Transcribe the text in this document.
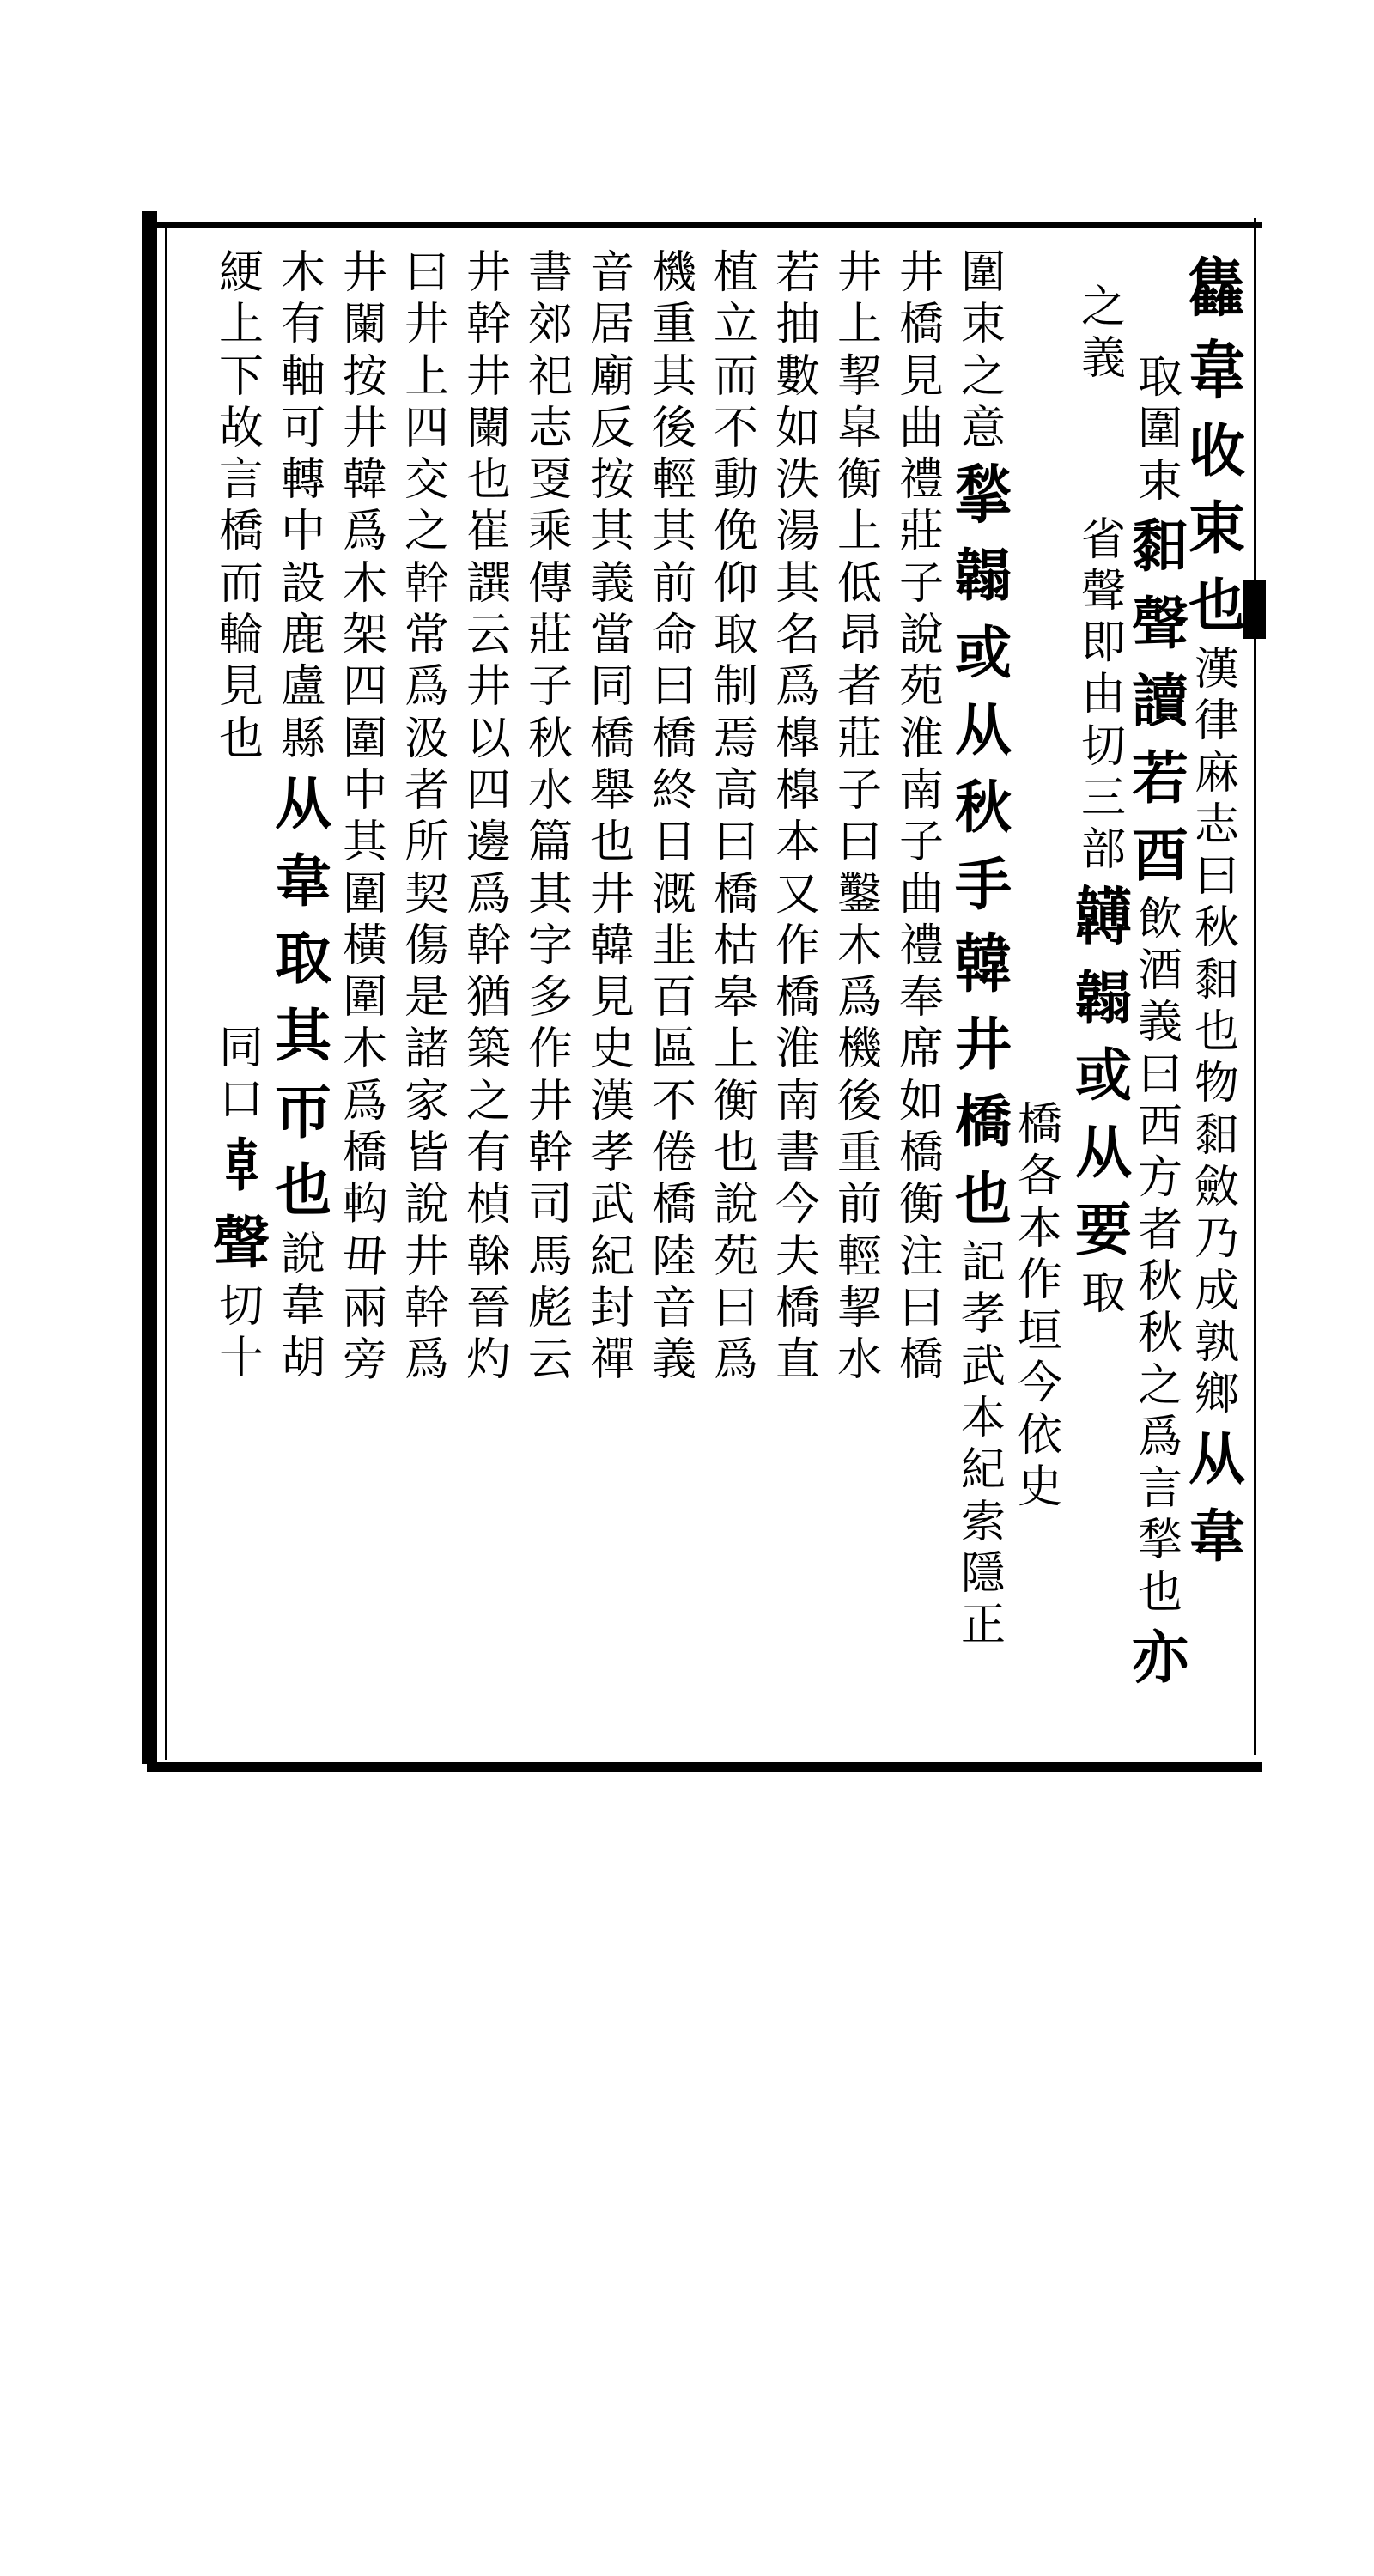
雥
韋
收
束
也
漢
律
麻
志
曰
秋
䵒
也
物
䵒
斂
乃
成
孰
鄉
从
韋
取
圍
束
䵒
聲
讀
若
酉
飲
酒
義
曰
西
方
者
秋
秋
之
爲
言
揫
也
亦
之
義
省
聲
即
由
切
三
部
𩏯
䪚
或
从
要
取
圍
束
之
意
揫
䪚
或
从
秋
手
韓
井
橋
也
記
孝
武
本
紀
索
隱
正
橋
各
本
作
垣
今
依
史
井
橋
見
曲
禮
莊
子
說
苑
淮
南
子
曲
禮
奉
席
如
橋
衡
注
曰
橋
井
上
挈
皐
衡
上
低
昂
者
莊
子
曰
鑿
木
爲
機
後
重
前
輕
挈
水
若
抽
數
如
泆
湯
其
名
爲
橰
橰
本
又
作
橋
淮
南
書
今
夫
橋
直
植
立
而
不
動
俛
仰
取
制
焉
高
曰
橋
枯
皋
上
衡
也
說
苑
曰
爲
機
重
其
後
輕
其
前
命
曰
橋
終
日
溉
韭
百
區
不
倦
橋
陸
音
義
音
居
廟
反
按
其
義
當
同
橋
舉
也
井
韓
見
史
漢
孝
武
紀
封
禪
書
郊
祀
志
㪅
乘
傳
莊
子
秋
水
篇
其
字
多
作
井
幹
司
馬
彪
云
井
幹
井
闌
也
崔
譔
云
井
以
四
邊
爲
幹
猶
築
之
有
楨
榦
晉
灼
曰
井
上
四
交
之
幹
常
爲
汲
者
所
契
傷
是
諸
家
皆
說
井
幹
爲
井
闌
按
井
韓
爲
木
架
四
圍
中
其
圍
橫
圍
木
爲
橋
𨊵
毌
兩
旁
木
有
軸
可
轉
中
設
鹿
盧
縣
从
韋
取
其
帀
也
說
韋
胡
綆
上
下
故
言
橋
而
輪
見
也
同
口
𠦝
聲
切
十
